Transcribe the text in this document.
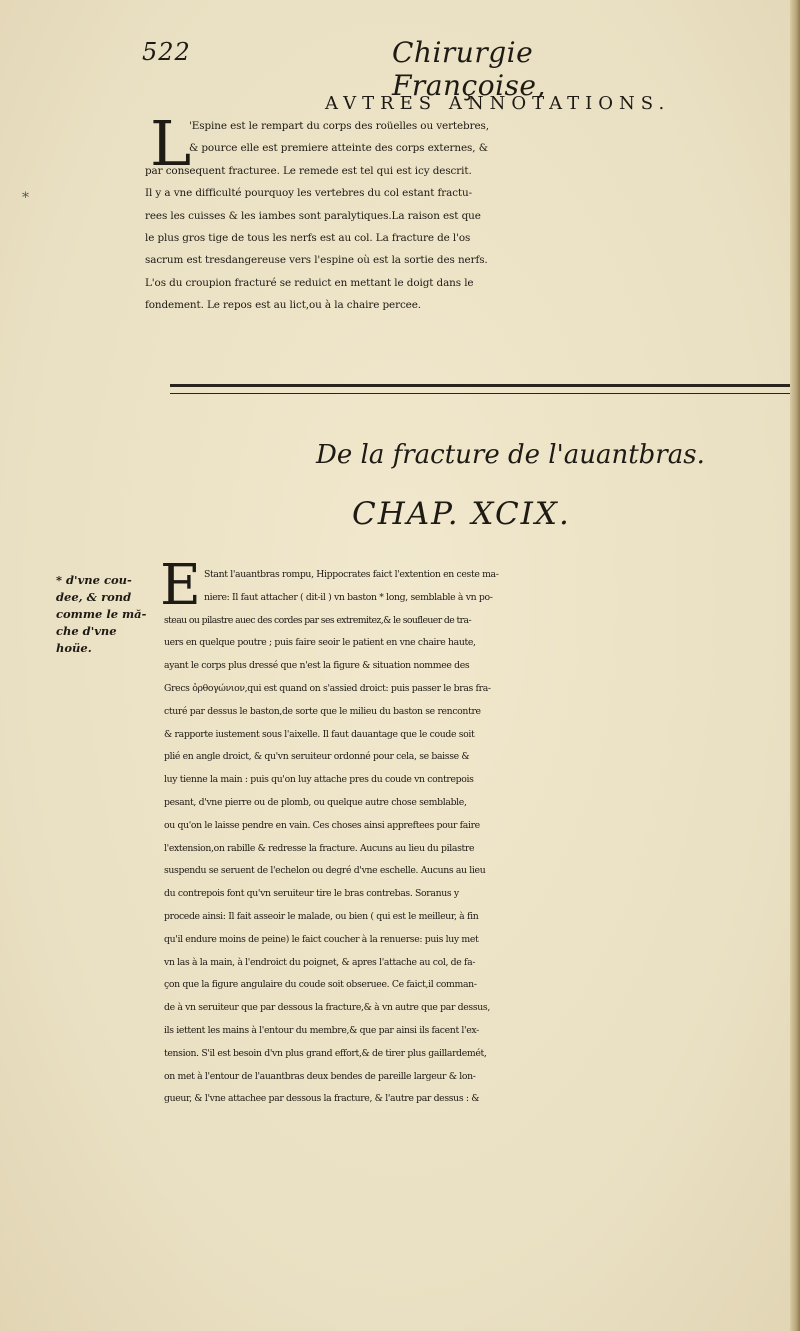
*
522	Chirurgie Françoise,
AVTRES ANNOTATIONS.
L
'Espine est le rempart du corps des roüelles ou vertebres,
& pource elle est premiere atteinte des corps externes, &
par consequent fracturee. Le remede est tel qui est icy descrit.
Il y a vne difficulté pourquoy les vertebres du col estant fractu-
rees les cuisses & les iambes sont paralytiques.La raison est que
le plus gros tige de tous les nerfs est au col. La fracture de l'os
sacrum est tresdangereuse vers l'espine où est la sortie des nerfs.
L'os du croupion fracturé se reduict en mettant le doigt dans le
fondement. Le repos est au lict,ou à la chaire percee.
De la fracture de l'auantbras.
CHAP. XCIX.
* d'vne cou-
dee, & rond
comme le mă-
che d'vne
hoüe.
E Stant l'auantbras rompu, Hippocrates faict l'extention en ceste ma-
niere: Il faut attacher ( dit-il ) vn baston * long, semblable à vn po-
steau ou pilastre auec des cordes par ses extremitez,& le soufleuer de tra-
uers en quelque poutre ; puis faire seoir le patient en vne chaire haute,
ayant le corps plus dressé que n'est la figure & situation nommee des
Grecs ὀρθογώνιον,qui est quand on s'assied droict: puis passer le bras fra-
cturé par dessus le baston,de sorte que le milieu du baston se rencontre
& rapporte iustement sous l'aixelle. Il faut dauantage que le coude soit
plié en angle droict, & qu'vn seruiteur ordonné pour cela, se baisse &
luy tienne la main : puis qu'on luy attache pres du coude vn contrepois
pesant, d'vne pierre ou de plomb, ou quelque autre chose semblable,
ou qu'on le laisse pendre en vain. Ces choses ainsi appreftees pour faire
l'extension,on rabille & redresse la fracture. Aucuns au lieu du pilastre
suspendu se seruent de l'echelon ou degré d'vne eschelle. Aucuns au lieu
du contrepois font qu'vn seruiteur tire le bras contrebas. Soranus y
procede ainsi: Il fait asseoir le malade, ou bien ( qui est le meilleur, à fin
qu'il endure moins de peine) le faict coucher à la renuerse: puis luy met
vn las à la main, à l'endroict du poignet, & apres l'attache au col, de fa-
çon que la figure angulaire du coude soit obseruee. Ce faict,il comman-
de à vn seruiteur que par dessous la fracture,& à vn autre que par dessus,
ils iettent les mains à l'entour du membre,& que par ainsi ils facent l'ex-
tension. S'il est besoin d'vn plus grand effort,& de tirer plus gaillardemét,
on met à l'entour de l'auantbras deux bendes de pareille largeur & lon-
gueur, & l'vne attachee par dessous la fracture, & l'autre par dessus : &
